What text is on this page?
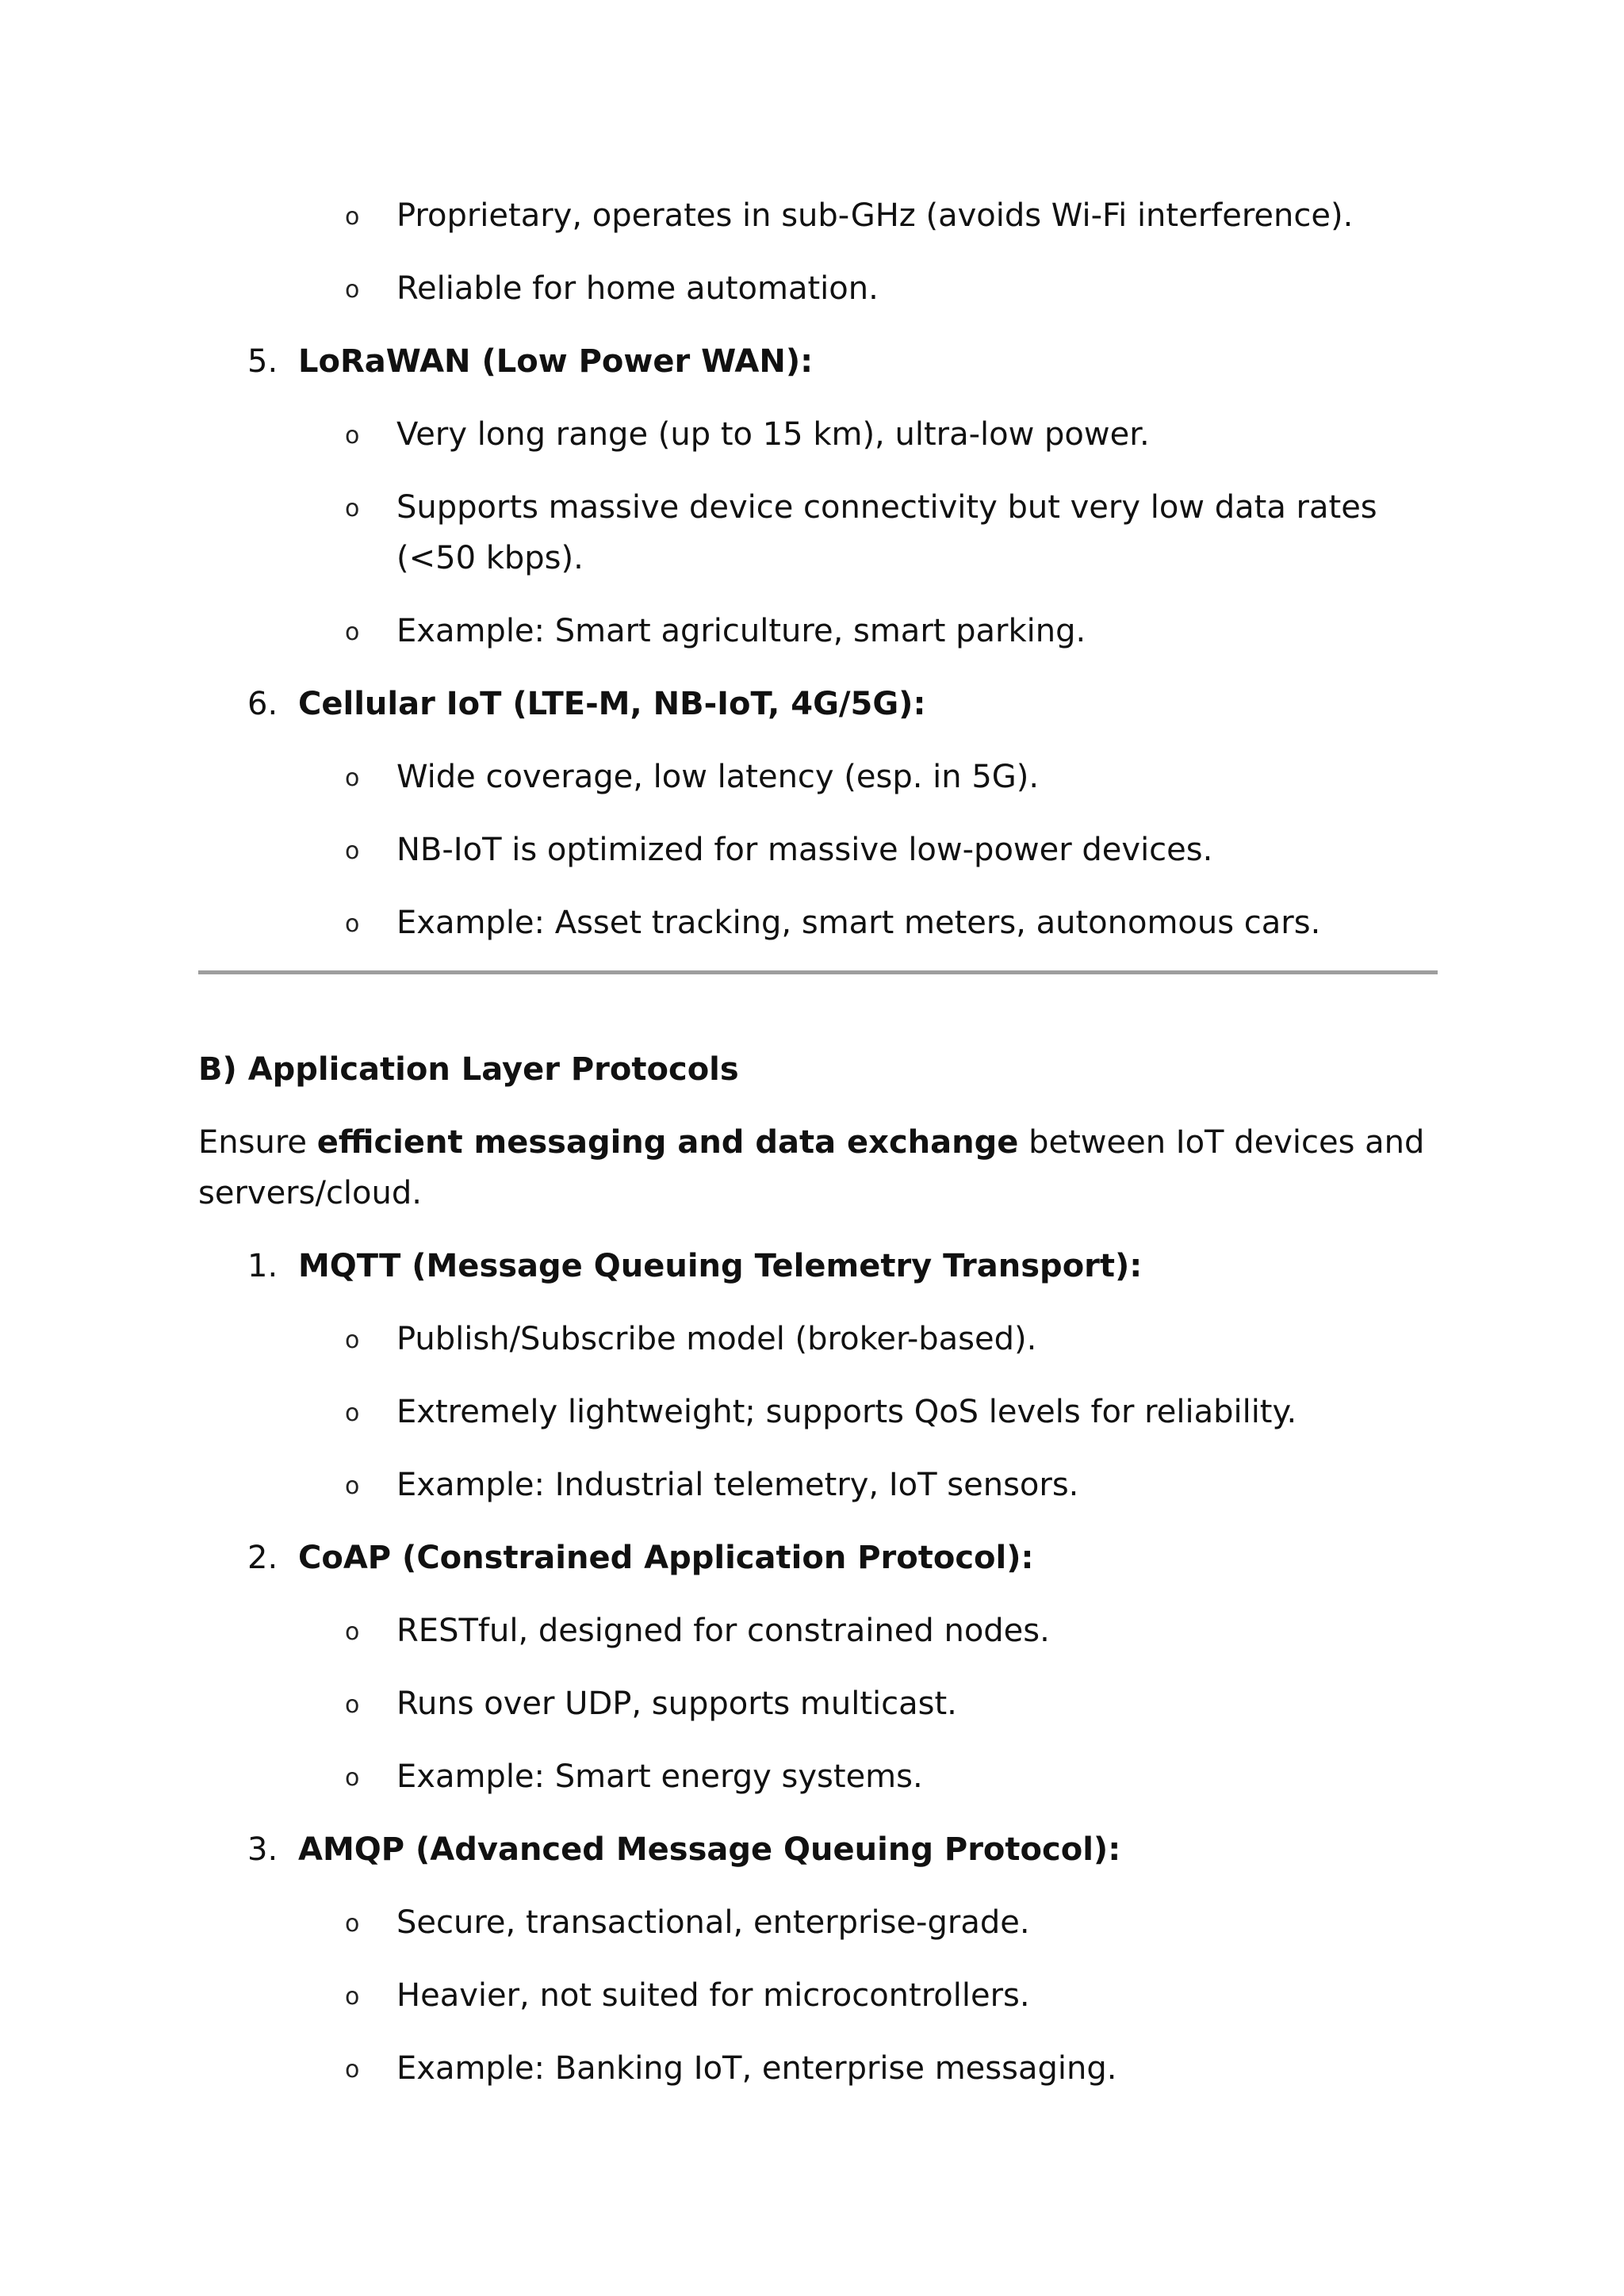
o Proprietary, operates in sub-GHz (avoids Wi-Fi interference).
o Reliable for home automation.
5. LoRaWAN (Low Power WAN):
o Very long range (up to 15 km), ultra-low power.
o Supports massive device connectivity but very low data rates (<50 kbps).
o Example: Smart agriculture, smart parking.
6. Cellular IoT (LTE-M, NB-IoT, 4G/5G):
o Wide coverage, low latency (esp. in 5G).
o NB-IoT is optimized for massive low-power devices.
o Example: Asset tracking, smart meters, autonomous cars.
B) Application Layer Protocols

Ensure efficient messaging and data exchange between IoT devices and servers/cloud.

1. MQTT (Message Queuing Telemetry Transport):
o Publish/Subscribe model (broker-based).
o Extremely lightweight; supports QoS levels for reliability.
o Example: Industrial telemetry, IoT sensors.
2. CoAP (Constrained Application Protocol):
o RESTful, designed for constrained nodes.
o Runs over UDP, supports multicast.
o Example: Smart energy systems.
3. AMQP (Advanced Message Queuing Protocol):
o Secure, transactional, enterprise-grade.
o Heavier, not suited for microcontrollers.
o Example: Banking IoT, enterprise messaging.
